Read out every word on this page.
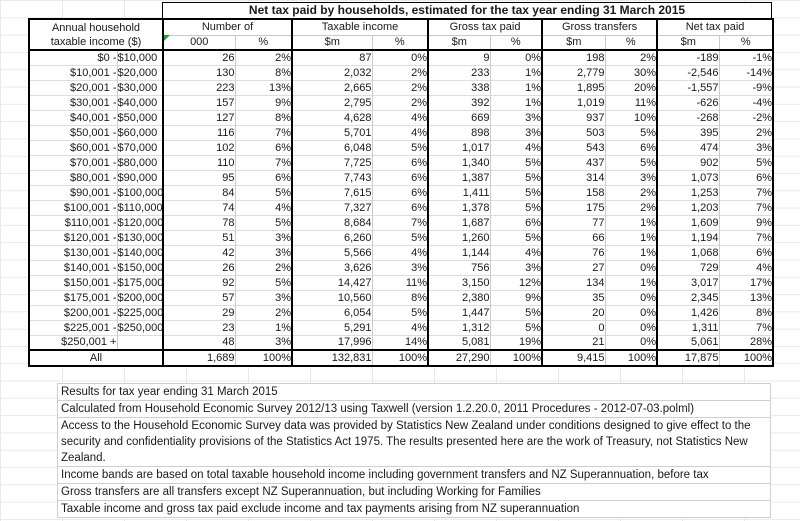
Net tax paid by households, estimated for the tax year ending 31 March 2015
Annual household
taxable income ($)		Number of		Taxable income		Gross tax paid		Gross transfers		Net tax paid	
		000	%	$m	%	$m	%	$m	%	$m	%
$0 -	$10,000	26	2%	87	0%	9	0%	198	2%	-189	-1%
$10,001 -	$20,000	130	8%	2,032	2%	233	1%	2,779	30%	-2,546	-14%
$20,001 -	$30,000	223	13%	2,665	2%	338	1%	1,895	20%	-1,557	-9%
$30,001 -	$40,000	157	9%	2,795	2%	392	1%	1,019	11%	-626	-4%
$40,001 -	$50,000	127	8%	4,628	4%	669	3%	937	10%	-268	-2%
$50,001 -	$60,000	116	7%	5,701	4%	898	3%	503	5%	395	2%
$60,001 -	$70,000	102	6%	6,048	5%	1,017	4%	543	6%	474	3%
$70,001 -	$80,000	110	7%	7,725	6%	1,340	5%	437	5%	902	5%
$80,001 -	$90,000	95	6%	7,743	6%	1,387	5%	314	3%	1,073	6%
$90,001 -	$100,000	84	5%	7,615	6%	1,411	5%	158	2%	1,253	7%
$100,001 -	$110,000	74	4%	7,327	6%	1,378	5%	175	2%	1,203	7%
$110,001 -	$120,000	78	5%	8,684	7%	1,687	6%	77	1%	1,609	9%
$120,001 -	$130,000	51	3%	6,260	5%	1,260	5%	66	1%	1,194	7%
$130,001 -	$140,000	42	3%	5,566	4%	1,144	4%	76	1%	1,068	6%
$140,001 -	$150,000	26	2%	3,626	3%	756	3%	27	0%	729	4%
$150,001 -	$175,000	92	5%	14,427	11%	3,150	12%	134	1%	3,017	17%
$175,001 -	$200,000	57	3%	10,560	8%	2,380	9%	35	0%	2,345	13%
$200,001 -	$225,000	29	2%	6,054	5%	1,447	5%	20	0%	1,426	8%
$225,001 -	$250,000	23	1%	5,291	4%	1,312	5%	0	0%	1,311	7%
$250,001 +		48	3%	17,996	14%	5,081	19%	21	0%	5,061	28%
All		1,689	100%	132,831	100%	27,290	100%	9,415	100%	17,875	100%
Results for tax year ending 31 March 2015
Calculated from Household Economic Survey 2012/13 using Taxwell (version 1.2.20.0, 2011 Procedures - 2012-07-03.polml)
Access to the Household Economic Survey data was provided by Statistics New Zealand under conditions designed to give effect to the security and confidentiality provisions of the Statistics Act 1975. The results presented here are the work of Treasury, not Statistics New Zealand.
Income bands are based on total taxable household income including government transfers and NZ Superannuation, before tax
Gross transfers are all transfers except NZ Superannuation, but including Working for Families
Taxable income and gross tax paid exclude income and tax payments arising from NZ superannuation
